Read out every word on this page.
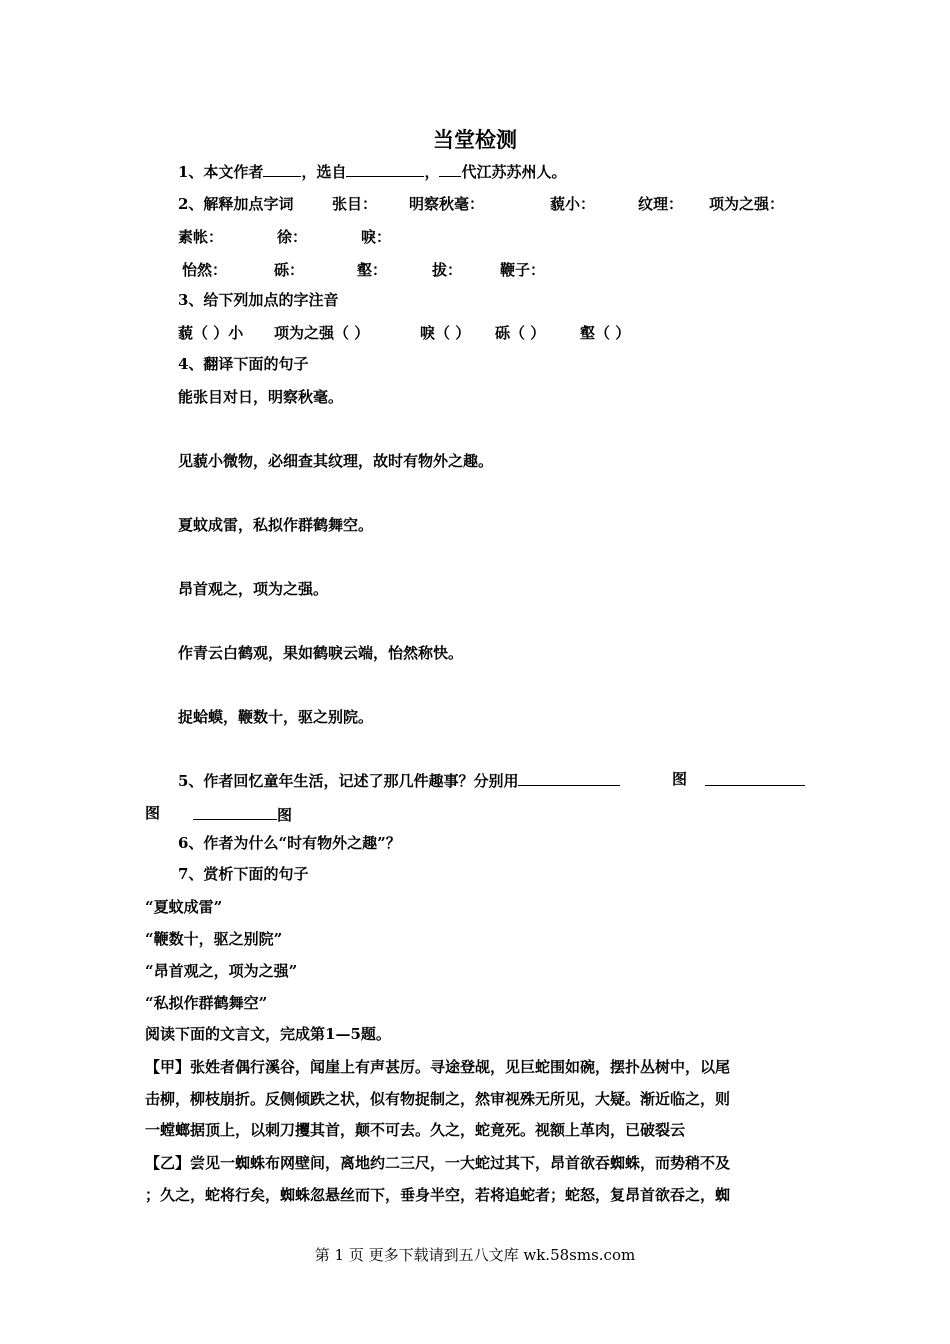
当堂检测
1、本文作者	，选自	， 代江苏苏州人。
2、解释加点字词	张目： 明察秋毫：	藐小：	纹理： 项为之强：
素帐：	徐：	唳：
怡然：	砾：	壑：	拔：	鞭子：
3、给下列加点的字注音
藐（ ）小 项为之强（ ）	唳（ ） 砾（ ） 壑（ ）
4、翻译下面的句子
能张目对日，明察秋毫。
见藐小微物，必细查其纹理，故时有物外之趣。
夏蚊成雷，私拟作群鹤舞空。
昂首观之，项为之强。
作青云白鹤观，果如鹤唳云端，怡然称快。
捉蛤蟆，鞭数十，驱之别院。
5、作者回忆童年生活，记述了那几件趣事？分别用	图
图	图
6、作者为什么“时有物外之趣”？
7、赏析下面的句子
“夏蚊成雷”
“鞭数十，驱之别院”
“昂首观之，项为之强”
“私拟作群鹤舞空”
阅读下面的文言文，完成第1—5题。
【甲】张姓者偶行溪谷，闻崖上有声甚厉。寻途登觇，见巨蛇围如碗，摆扑丛树中，以尾
击柳，柳枝崩折。反侧倾跌之状，似有物捉制之，然审视殊无所见，大疑。渐近临之，则
一螳螂据顶上，以刺刀攫其首，颠不可去。久之，蛇竟死。视额上革肉，已破裂云
【乙】尝见一蜘蛛布网壁间，离地约二三尺，一大蛇过其下，昂首欲吞蜘蛛，而势稍不及
；久之，蛇将行矣，蜘蛛忽悬丝而下，垂身半空，若将追蛇者；蛇怒，复昂首欲吞之，蜘
第 1 页 更多下载请到五八文库 wk.58sms.com
